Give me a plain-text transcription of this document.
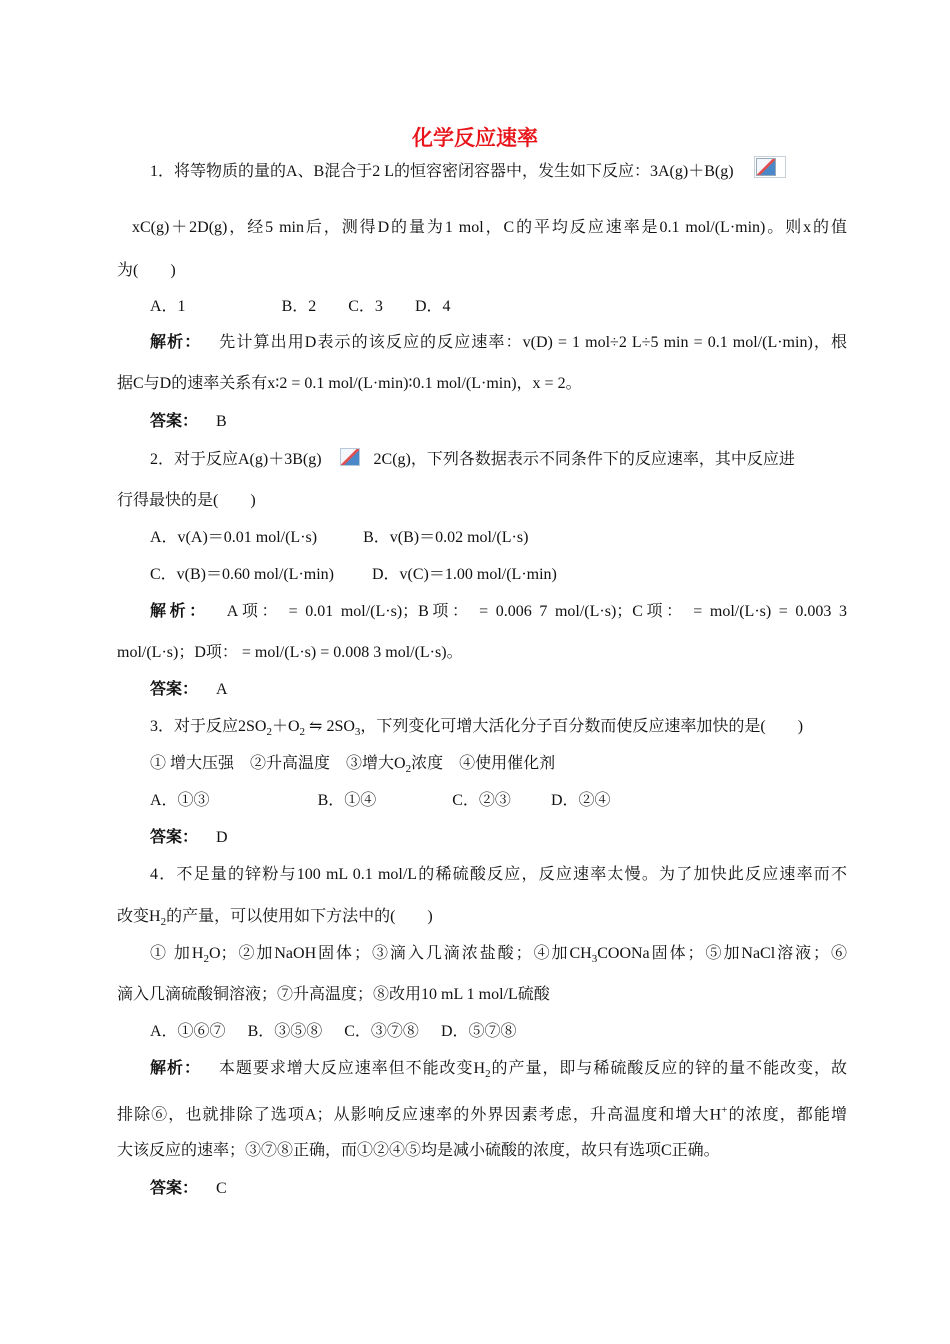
化学反应速率
1．将等物质的量的A、B混合于2 L的恒容密闭容器中，发生如下反应：3A(g)＋B(g)
xC(g)＋2D(g)，经5 min后，测得D的量为1 mol，C的平均反应速率是0.1 mol/(L·min)。则x的值
为(　　)
A．1	B．2 C．3 D．4
解析： 先计算出用D表示的该反应的反应速率：v(D) = 1 mol÷2 L÷5 min = 0.1 mol/(L·min)，根
据C与D的速率关系有x∶2 = 0.1 mol/(L·min)∶0.1 mol/(L·min)，x = 2。
答案： B
2．对于反应A(g)＋3B(g)	2C(g)，下列各数据表示不同条件下的反应速率，其中反应进
行得最快的是(　　)
A．v(A)＝0.01 mol/(L·s)	B．v(B)＝0.02 mol/(L·s)
C．v(B)＝0.60 mol/(L·min) D．v(C)＝1.00 mol/(L·min)
解析： A项： = 0.01 mol/(L·s)；B项： = 0.006 7 mol/(L·s)；C项： = mol/(L·s) = 0.003 3
mol/(L·s)；D项： = mol/(L·s) = 0.008 3 mol/(L·s)。
答案： A
3．对于反应$2SO_2+O_2$ ⇋ $2SO_3$，下列变化可增大活化分子百分数而使反应速率加快的是(　　)
① 增大压强　②升高温度　③增大$O_2$浓度　④使用催化剂
A．①③	B．①④	C．②③	D．②④
答案： D
4．不足量的锌粉与100 mL 0.1 mol/L的稀硫酸反应，反应速率太慢。为了加快此反应速率而不
改变$H_2$的产量，可以使用如下方法中的(　　)
① 加$H_2O$；②加NaOH固体；③滴入几滴浓盐酸；④加$CH_3COONa$固体；⑤加NaCl溶液；⑥
滴入几滴硫酸铜溶液；⑦升高温度；⑧改用10 mL 1 mol/L硫酸
A．①⑥⑦ B．③⑤⑧ C．③⑦⑧ D．⑤⑦⑧
解析： 本题要求增大反应速率但不能改变$H_2$的产量，即与稀硫酸反应的锌的量不能改变，故
排除⑥，也就排除了选项A；从影响反应速率的外界因素考虑，升高温度和增大H+的浓度，都能增
大该反应的速率；③⑦⑧正确，而①②④⑤均是减小硫酸的浓度，故只有选项C正确。
答案： C
